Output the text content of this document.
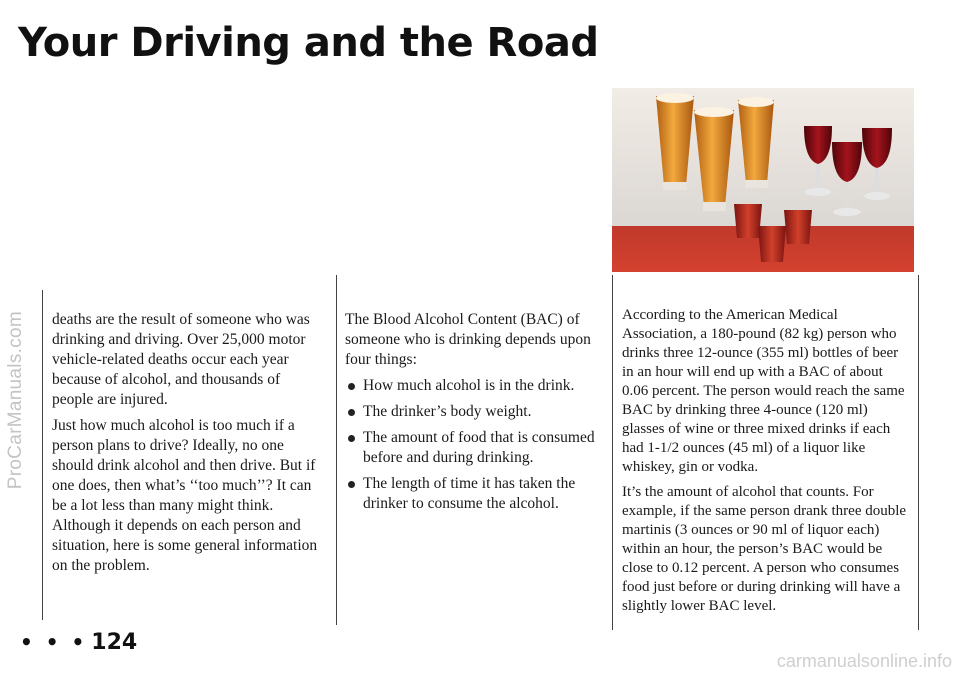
Your Driving and the Road
ProCarManuals.com deaths are the result of someone who was drinking and driving. Over 25,000 motor vehicle-related deaths occur each year because of alcohol, and thousands of people are injured.

Just how much alcohol is too much if a person plans to drive? Ideally, no one should drink alcohol and then drive. But if one does, then what’s ‘‘too much’’? It can be a lot less than many might think. Although it depends on each person and situation, here is some general information on the problem.

The Blood Alcohol Content (BAC) of someone who is drinking depends upon four things:

How much alcohol is in the drink.
The drinker’s body weight.
The amount of food that is consumed before and during drinking.
The length of time it has taken the drinker to consume the alcohol.

According to the American Medical Association, a 180-pound (82 kg) person who drinks three 12-ounce (355 ml) bottles of beer in an hour will end up with a BAC of about 0.06 percent. The person would reach the same BAC by drinking three 4-ounce (120 ml) glasses of wine or three mixed drinks if each had 1-1/2 ounces (45 ml) of a liquor like whiskey, gin or vodka.

It’s the amount of alcohol that counts. For example, if the same person drank three double martinis (3 ounces or 90 ml of liquor each) within an hour, the person’s BAC would be close to 0.12 percent. A person who consumes food just before or during drinking will have a slightly lower BAC level.

• • • 124
carmanualsonline.info
